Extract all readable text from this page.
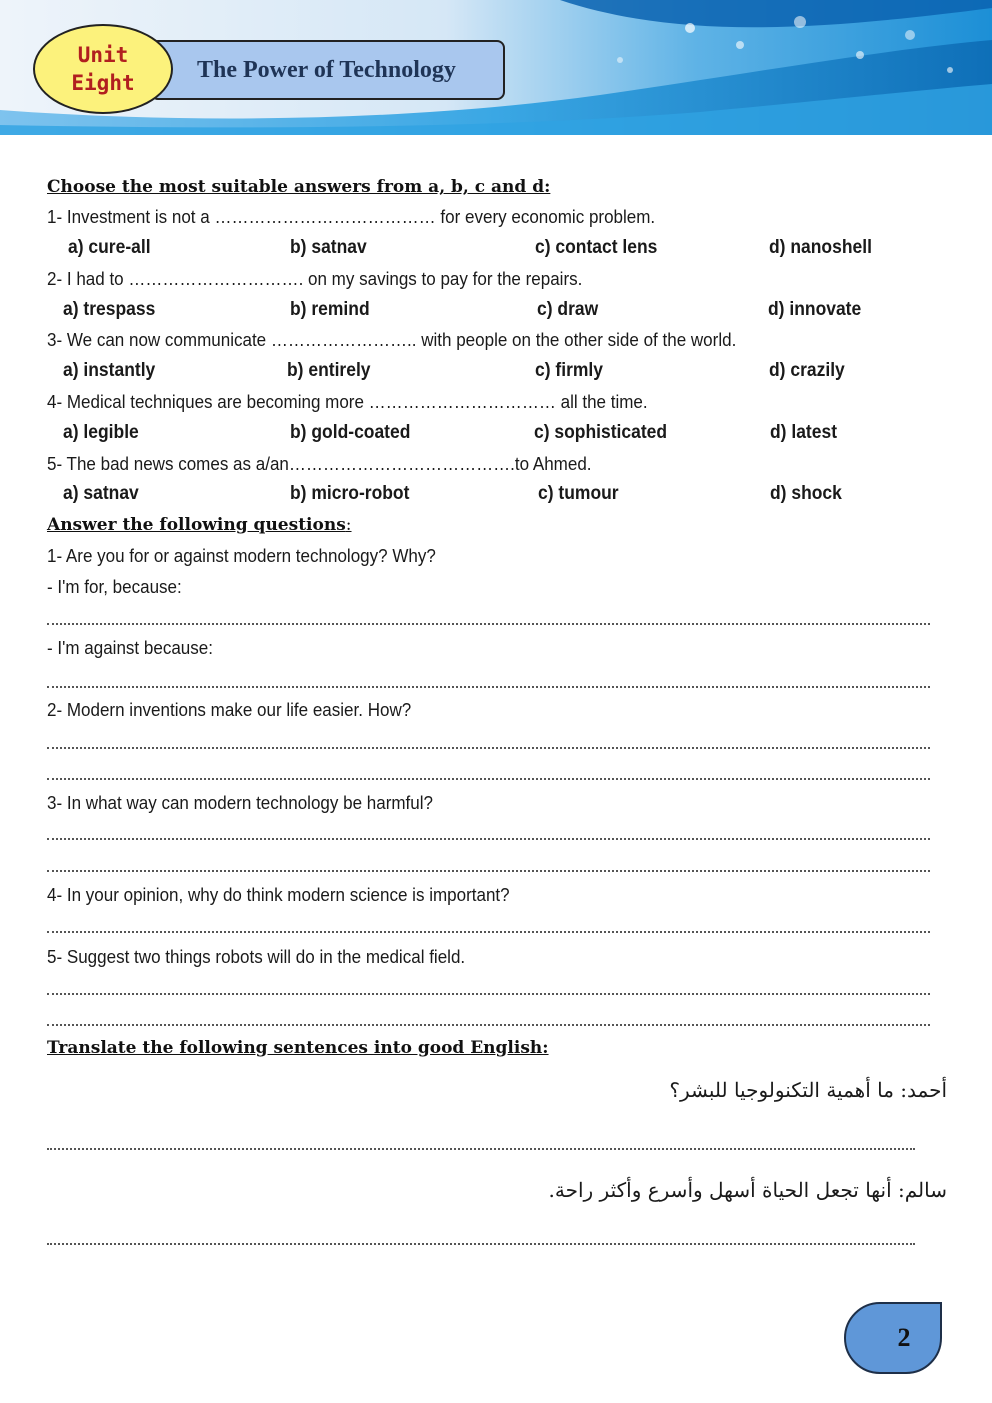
Unit
Eight
The Power of Technology
Choose the most suitable answers from a, b, c and d:
1- Investment is not a ………………………………… for every economic problem.
a) cure-all	b) satnav	c) contact lens	d) nanoshell
2- I had to …………………………. on my savings to pay for the repairs.
a) trespass	b) remind	c) draw	d) innovate
3- We can now communicate …………………….. with people on the other side of the world.
a) instantly	b) entirely	c) firmly	d) crazily
4- Medical techniques are becoming more …………………………… all the time.
a) legible	b) gold-coated	c) sophisticated	d) latest
5- The bad news comes as a/an………………………………….to Ahmed.
a) satnav	b) micro-robot	c) tumour	d) shock
Answer the following questions:
1- Are you for or against modern technology? Why?
- I'm for, because:
- I'm against because:
2- Modern inventions make our life easier. How?
3- In what way can modern technology be harmful?
4- In your opinion, why do think modern science is important?
5- Suggest two things robots will do in the medical field.
Translate the following sentences into good English:
أحمد: ما أهمية التكنولوجيا للبشر؟
سالم: أنها تجعل الحياة أسهل وأسرع وأكثر راحة.
2
